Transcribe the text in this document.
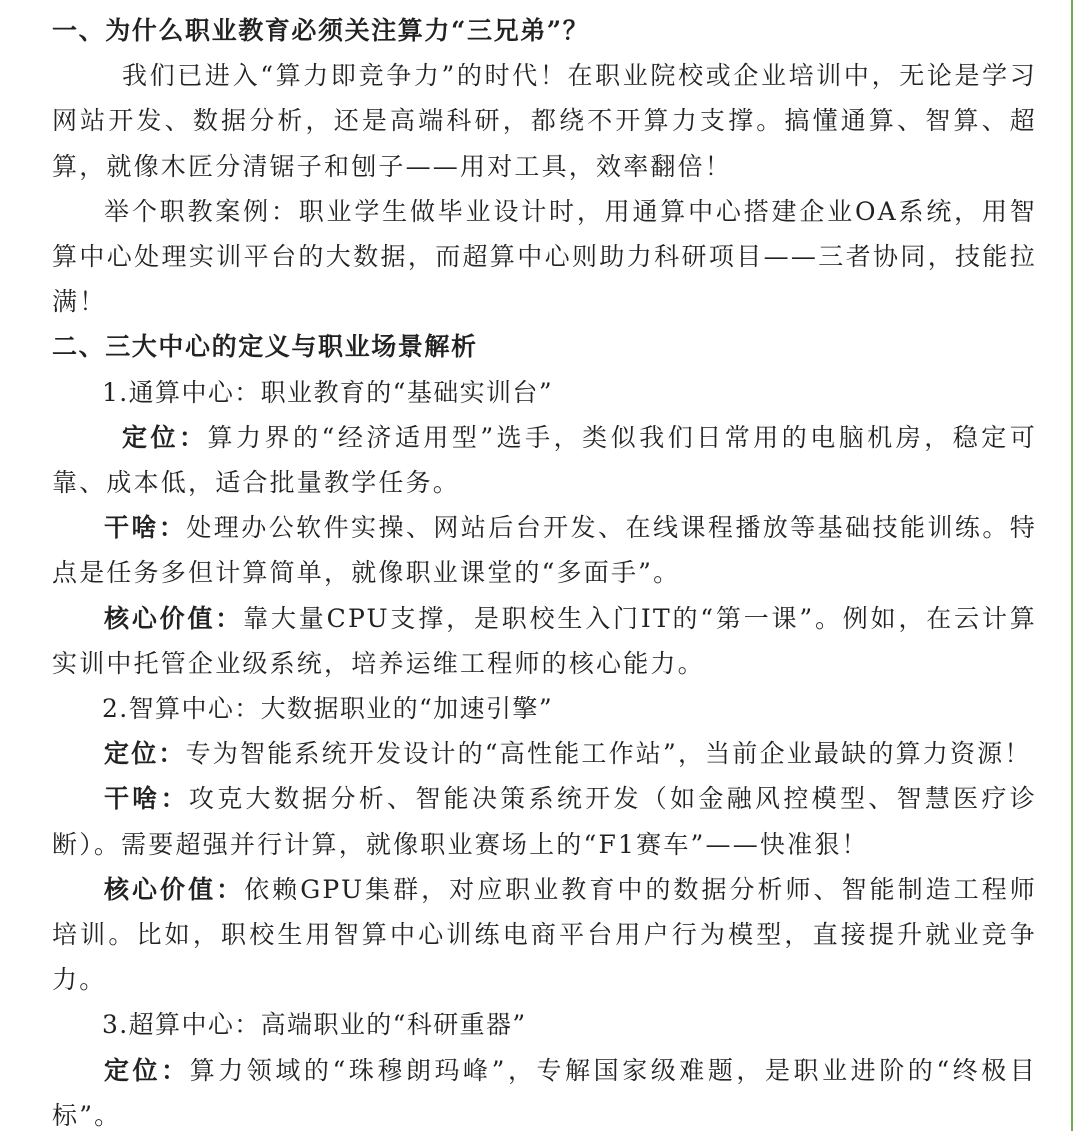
一、为什么职业教育必须关注算力“三兄弟”？

我们已进入“算力即竞争力”的时代！在职业院校或企业培训中，无论是学习网站开发、数据分析，还是高端科研，都绕不开算力支撑。搞懂通算、智算、超算，就像木匠分清锯子和刨子——用对工具，效率翻倍！

举个职教案例：职业学生做毕业设计时，用通算中心搭建企业OA系统，用智算中心处理实训平台的大数据，而超算中心则助力科研项目——三者协同，技能拉满！

二、三大中心的定义与职业场景解析

1.通算中心：职业教育的“基础实训台”

定位：算力界的“经济适用型”选手，类似我们日常用的电脑机房，稳定可靠、成本低，适合批量教学任务。

干啥：处理办公软件实操、网站后台开发、在线课程播放等基础技能训练。特点是任务多但计算简单，就像职业课堂的“多面手”。

核心价值：靠大量CPU支撑，是职校生入门IT的“第一课”。例如，在云计算实训中托管企业级系统，培养运维工程师的核心能力。

2.智算中心：大数据职业的“加速引擎”

定位：专为智能系统开发设计的“高性能工作站”，当前企业最缺的算力资源！

干啥：攻克大数据分析、智能决策系统开发（如金融风控模型、智慧医疗诊断）。需要超强并行计算，就像职业赛场上的“F1赛车”——快准狠！

核心价值：依赖GPU集群，对应职业教育中的数据分析师、智能制造工程师培训。比如，职校生用智算中心训练电商平台用户行为模型，直接提升就业竞争力。

3.超算中心：高端职业的“科研重器”

定位：算力领域的“珠穆朗玛峰”，专解国家级难题，是职业进阶的“终极目标”。
